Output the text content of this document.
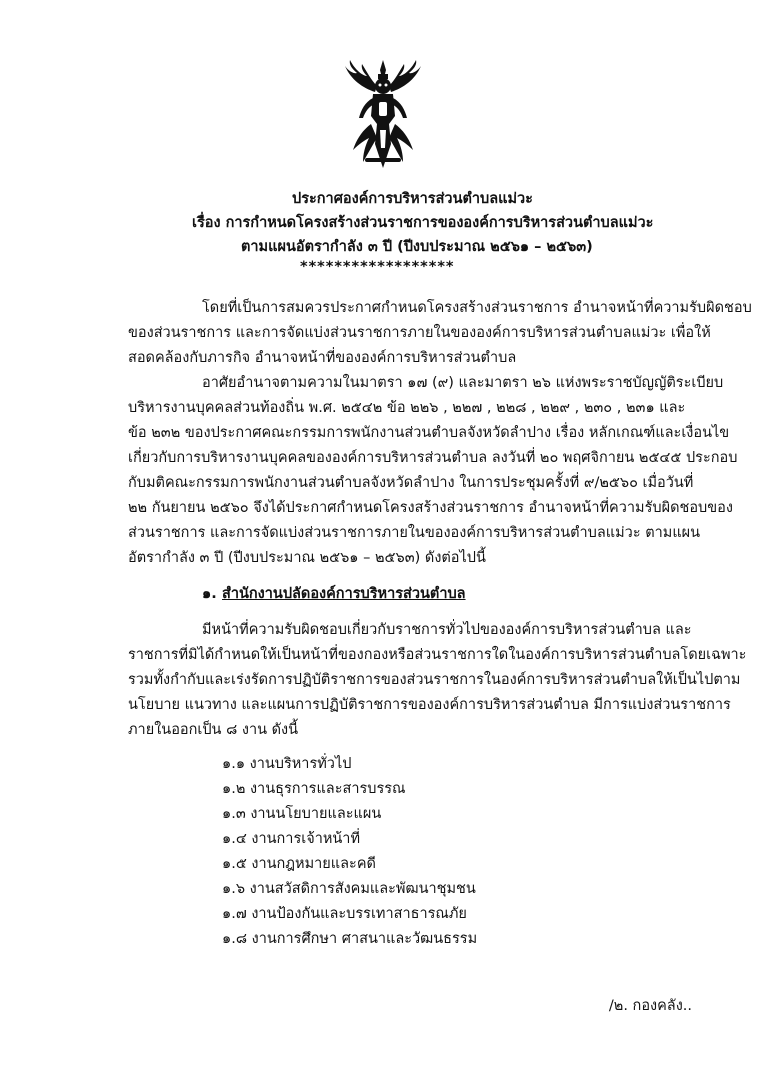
ประกาศองค์การบริหารส่วนตำบลแม่วะ
เรื่อง การกำหนดโครงสร้างส่วนราชการขององค์การบริหารส่วนตำบลแม่วะ
ตามแผนอัตรากำลัง ๓ ปี (ปีงบประมาณ ๒๕๖๑ – ๒๕๖๓)
******************
โดยที่เป็นการสมควรประกาศกำหนดโครงสร้างส่วนราชการ อำนาจหน้าที่ความรับผิดชอบ
ของส่วนราชการ และการจัดแบ่งส่วนราชการภายในขององค์การบริหารส่วนตำบลแม่วะ เพื่อให้
สอดคล้องกับภารกิจ อำนาจหน้าที่ขององค์การบริหารส่วนตำบล
อาศัยอำนาจตามความในมาตรา ๑๗ (๙) และมาตรา ๒๖ แห่งพระราชบัญญัติระเบียบ
บริหารงานบุคคลส่วนท้องถิ่น พ.ศ. ๒๕๔๒ ข้อ ๒๒๖ , ๒๒๗ , ๒๒๘ , ๒๒๙ , ๒๓๐ , ๒๓๑ และ
ข้อ ๒๓๒ ของประกาศคณะกรรมการพนักงานส่วนตำบลจังหวัดลำปาง เรื่อง หลักเกณฑ์และเงื่อนไข
เกี่ยวกับการบริหารงานบุคคลขององค์การบริหารส่วนตำบล ลงวันที่ ๒๐ พฤศจิกายน ๒๕๔๕ ประกอบ
กับมติคณะกรรมการพนักงานส่วนตำบลจังหวัดลำปาง ในการประชุมครั้งที่ ๙/๒๕๖๐ เมื่อวันที่
๒๒ กันยายน ๒๕๖๐ จึงได้ประกาศกำหนดโครงสร้างส่วนราชการ อำนาจหน้าที่ความรับผิดชอบของ
ส่วนราชการ และการจัดแบ่งส่วนราชการภายในขององค์การบริหารส่วนตำบลแม่วะ ตามแผน
อัตรากำลัง ๓ ปี (ปีงบประมาณ ๒๕๖๑ – ๒๕๖๓) ดังต่อไปนี้
๑. สำนักงานปลัดองค์การบริหารส่วนตำบล
มีหน้าที่ความรับผิดชอบเกี่ยวกับราชการทั่วไปขององค์การบริหารส่วนตำบล และ
ราชการที่มิได้กำหนดให้เป็นหน้าที่ของกองหรือส่วนราชการใดในองค์การบริหารส่วนตำบลโดยเฉพาะ
รวมทั้งกำกับและเร่งรัดการปฏิบัติราชการของส่วนราชการในองค์การบริหารส่วนตำบลให้เป็นไปตาม
นโยบาย แนวทาง และแผนการปฏิบัติราชการขององค์การบริหารส่วนตำบล มีการแบ่งส่วนราชการ
ภายในออกเป็น ๘ งาน ดังนี้
๑.๑ งานบริหารทั่วไป
๑.๒ งานธุรการและสารบรรณ
๑.๓ งานนโยบายและแผน
๑.๔ งานการเจ้าหน้าที่
๑.๕ งานกฎหมายและคดี
๑.๖ งานสวัสดิการสังคมและพัฒนาชุมชน
๑.๗ งานป้องกันและบรรเทาสาธารณภัย
๑.๘ งานการศึกษา ศาสนาและวัฒนธรรม
/๒. กองคลัง..
